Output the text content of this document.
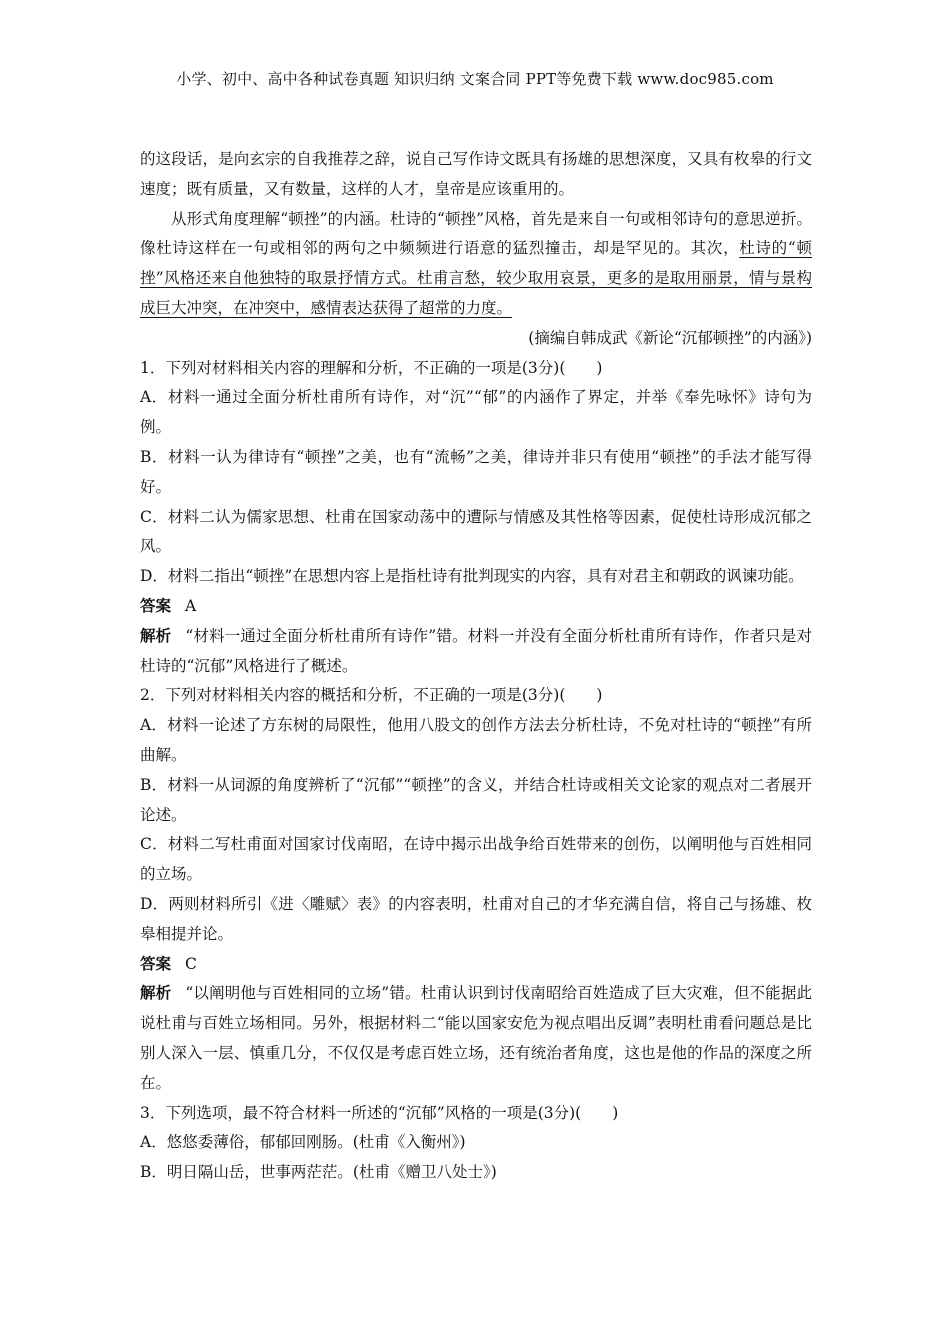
小学、初中、高中各种试卷真题 知识归纳 文案合同 PPT等免费下载 www.doc985.com

的这段话，是向玄宗的自我推荐之辞，说自己写作诗文既具有扬雄的思想深度，又具有枚皋的行文速度；既有质量，又有数量，这样的人才，皇帝是应该重用的。

从形式角度理解“顿挫”的内涵。杜诗的“顿挫”风格，首先是来自一句或相邻诗句的意思逆折。像杜诗这样在一句或相邻的两句之中频频进行语意的猛烈撞击，却是罕见的。其次，杜诗的“顿挫”风格还来自他独特的取景抒情方式。杜甫言愁，较少取用哀景，更多的是取用丽景，情与景构成巨大冲突，在冲突中，感情表达获得了超常的力度。

(摘编自韩成武《新论“沉郁顿挫”的内涵》)

1．下列对材料相关内容的理解和分析，不正确的一项是(3分)(　　)

A．材料一通过全面分析杜甫所有诗作，对“沉”“郁”的内涵作了界定，并举《奉先咏怀》诗句为例。

B．材料一认为律诗有“顿挫”之美，也有“流畅”之美，律诗并非只有使用“顿挫”的手法才能写得好。

C．材料二认为儒家思想、杜甫在国家动荡中的遭际与情感及其性格等因素，促使杜诗形成沉郁之风。

D．材料二指出“顿挫”在思想内容上是指杜诗有批判现实的内容，具有对君主和朝政的讽谏功能。

答案 A

解析 “材料一通过全面分析杜甫所有诗作”错。材料一并没有全面分析杜甫所有诗作，作者只是对杜诗的“沉郁”风格进行了概述。

2．下列对材料相关内容的概括和分析，不正确的一项是(3分)(　　)

A．材料一论述了方东树的局限性，他用八股文的创作方法去分析杜诗，不免对杜诗的“顿挫”有所曲解。

B．材料一从词源的角度辨析了“沉郁”“顿挫”的含义，并结合杜诗或相关文论家的观点对二者展开论述。

C．材料二写杜甫面对国家讨伐南昭，在诗中揭示出战争给百姓带来的创伤，以阐明他与百姓相同的立场。

D．两则材料所引《进〈雕赋〉表》的内容表明，杜甫对自己的才华充满自信，将自己与扬雄、枚皋相提并论。

答案 C

解析 “以阐明他与百姓相同的立场”错。杜甫认识到讨伐南昭给百姓造成了巨大灾难，但不能据此说杜甫与百姓立场相同。另外，根据材料二“能以国家安危为视点唱出反调”表明杜甫看问题总是比别人深入一层、慎重几分，不仅仅是考虑百姓立场，还有统治者角度，这也是他的作品的深度之所在。

3．下列选项，最不符合材料一所述的“沉郁”风格的一项是(3分)(　　)

A．悠悠委薄俗，郁郁回刚肠。(杜甫《入衡州》)

B．明日隔山岳，世事两茫茫。(杜甫《赠卫八处士》)
